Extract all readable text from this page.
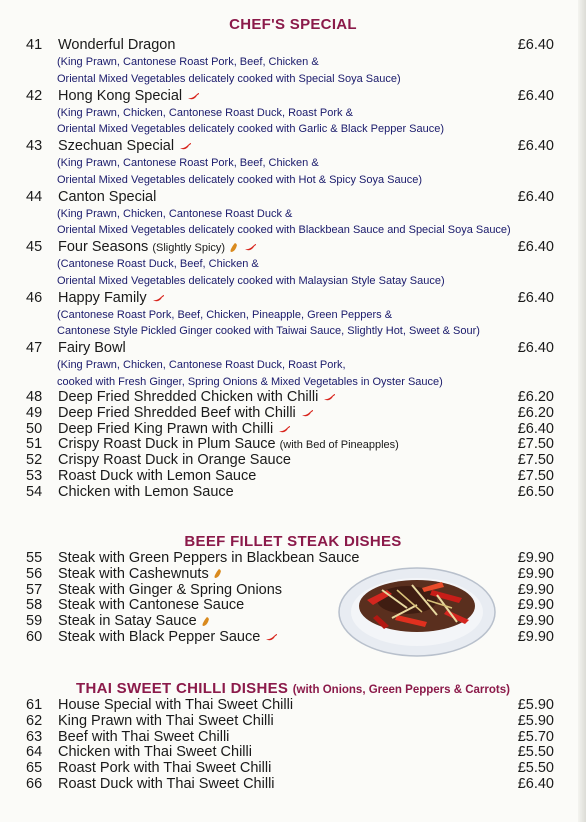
CHEF'S SPECIAL
41 Wonderful Dragon	£6.40
(King Prawn, Cantonese Roast Pork, Beef, Chicken &
Oriental Mixed Vegetables delicately cooked with Special Soya Sauce)
42 Hong Kong Special	£6.40
(King Prawn, Chicken, Cantonese Roast Duck, Roast Pork &
Oriental Mixed Vegetables delicately cooked with Garlic & Black Pepper Sauce)
43 Szechuan Special	£6.40
(King Prawn, Cantonese Roast Pork, Beef, Chicken &
Oriental Mixed Vegetables delicately cooked with Hot & Spicy Soya Sauce)
44 Canton Special	£6.40
(King Prawn, Chicken, Cantonese Roast Duck &
Oriental Mixed Vegetables delicately cooked with Blackbean Sauce and Special Soya Sauce)
45 Four Seasons (Slightly Spicy)	£6.40
(Cantonese Roast Duck, Beef, Chicken &
Oriental Mixed Vegetables delicately cooked with Malaysian Style Satay Sauce)
46 Happy Family	£6.40
(Cantonese Roast Pork, Beef, Chicken, Pineapple, Green Peppers &
Cantonese Style Pickled Ginger cooked with Taiwai Sauce, Slightly Hot, Sweet & Sour)
47 Fairy Bowl	£6.40
(King Prawn, Chicken, Cantonese Roast Duck, Roast Pork,
cooked with Fresh Ginger, Spring Onions & Mixed Vegetables in Oyster Sauce)
48 Deep Fried Shredded Chicken with Chilli	£6.20
49 Deep Fried Shredded Beef with Chilli	£6.20
50 Deep Fried King Prawn with Chilli	£6.40
51 Crispy Roast Duck in Plum Sauce (with Bed of Pineapples)	£7.50
52 Crispy Roast Duck in Orange Sauce	£7.50
53 Roast Duck with Lemon Sauce	£7.50
54 Chicken with Lemon Sauce	£6.50
BEEF FILLET STEAK DISHES
55 Steak with Green Peppers in Blackbean Sauce	£9.90
56 Steak with Cashewnuts	£9.90
57 Steak with Ginger & Spring Onions	£9.90
58 Steak with Cantonese Sauce	£9.90
59 Steak in Satay Sauce	£9.90
60 Steak with Black Pepper Sauce	£9.90
THAI SWEET CHILLI DISHES (with Onions, Green Peppers & Carrots)
61 House Special with Thai Sweet Chilli	£5.90
62 King Prawn with Thai Sweet Chilli	£5.90
63 Beef with Thai Sweet Chilli	£5.70
64 Chicken with Thai Sweet Chilli	£5.50
65 Roast Pork with Thai Sweet Chilli	£5.50
66 Roast Duck with Thai Sweet Chilli	£6.40
